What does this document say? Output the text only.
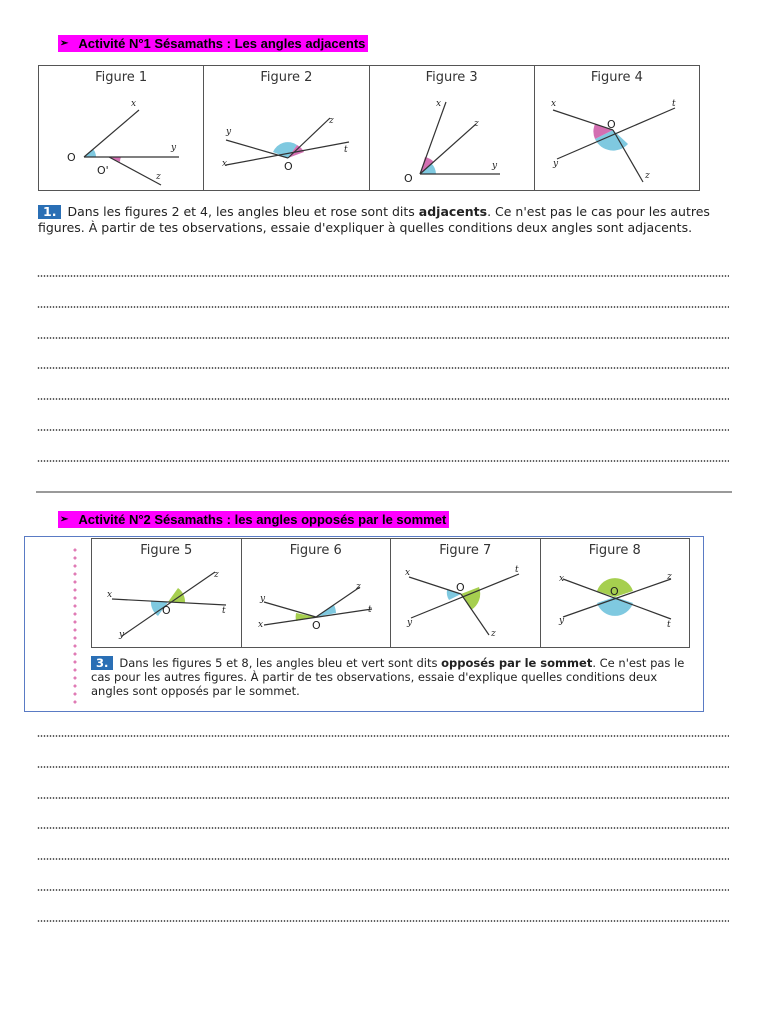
➢ Activité N°1 Sésamaths : Les angles adjacents
Figure 1
O
O'
x
y
z
Figure 2
O
y
x
z
t
Figure 3
O
x
z
y
Figure 4
O
x	t
y
z
1. Dans les figures 2 et 4, les angles bleu et rose sont dits adjacents. Ce n'est pas le cas pour les autres figures. À partir de tes observations, essaie d'expliquer à quelles conditions deux angles sont adjacents.
➢ Activité N°2 Sésamaths : les angles opposés par le sommet
Figure 5
O
x
z
t
y
Figure 6
O
y
x
z
t
Figure 7
O
x	t
y
z
Figure 8
O
x	z
y	t
3. Dans les figures 5 et 8, les angles bleu et vert sont dits opposés par le sommet. Ce n'est pas le cas pour les autres figures. À partir de tes observations, essaie d'explique quelles conditions deux angles sont opposés par le sommet.
